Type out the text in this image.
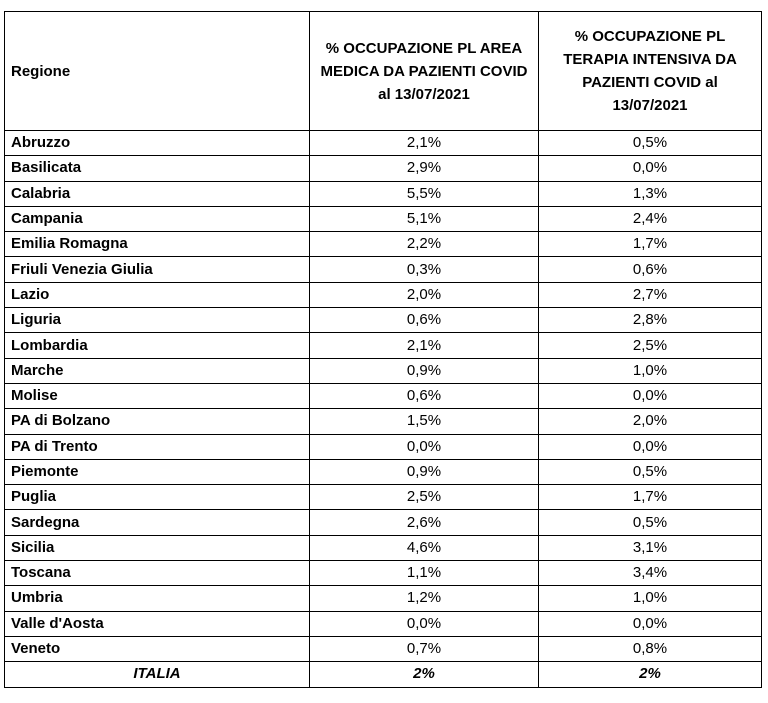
Regione	% OCCUPAZIONE PL AREA MEDICA DA PAZIENTI COVID al 13/07/2021	% OCCUPAZIONE PL TERAPIA INTENSIVA DA PAZIENTI COVID al 13/07/2021
Abruzzo	2,1%	0,5%
Basilicata	2,9%	0,0%
Calabria	5,5%	1,3%
Campania	5,1%	2,4%
Emilia Romagna	2,2%	1,7%
Friuli Venezia Giulia	0,3%	0,6%
Lazio	2,0%	2,7%
Liguria	0,6%	2,8%
Lombardia	2,1%	2,5%
Marche	0,9%	1,0%
Molise	0,6%	0,0%
PA di Bolzano	1,5%	2,0%
PA di Trento	0,0%	0,0%
Piemonte	0,9%	0,5%
Puglia	2,5%	1,7%
Sardegna	2,6%	0,5%
Sicilia	4,6%	3,1%
Toscana	1,1%	3,4%
Umbria	1,2%	1,0%
Valle d'Aosta	0,0%	0,0%
Veneto	0,7%	0,8%
ITALIA	2%	2%
